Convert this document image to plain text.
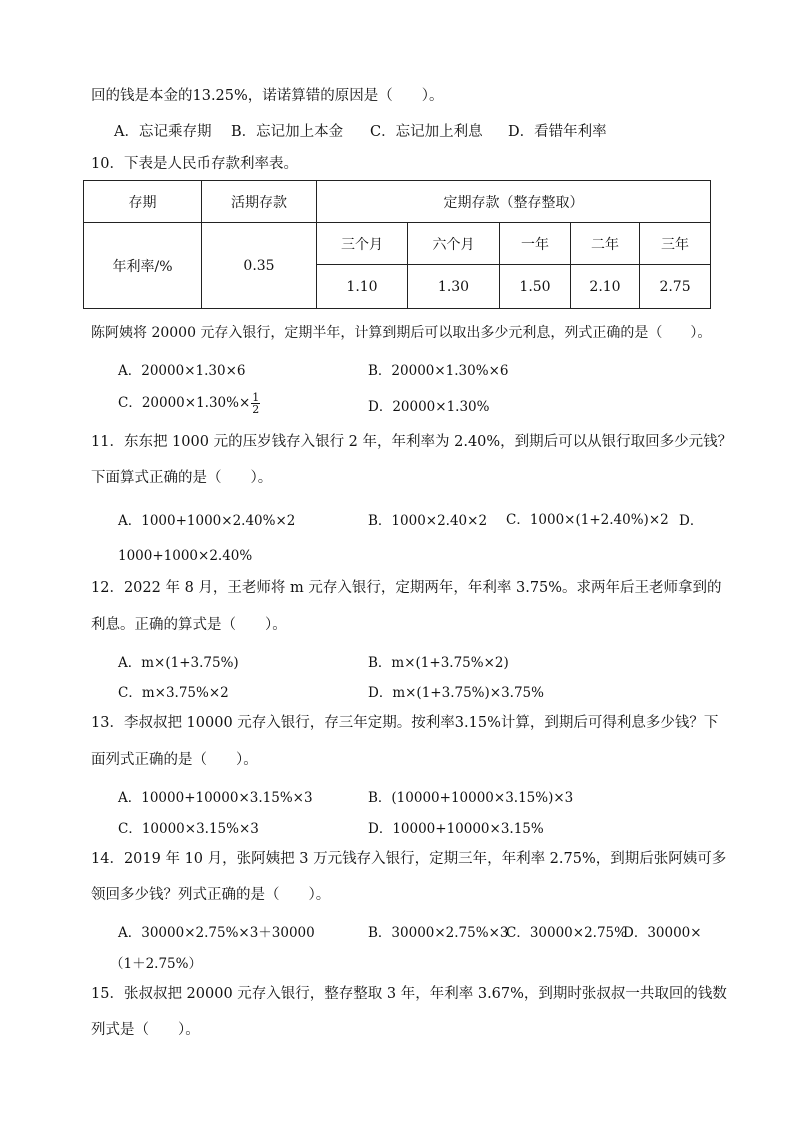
回的钱是本金的13.25%，诺诺算错的原因是（　　）。
A．忘记乘存期 B．忘记加上本金 C．忘记加上利息 D．看错年利率
10．下表是人民币存款利率表。
存期	活期存款	定期存款（整存整取）				
年利率/%	0.35	三个月	六个月	一年	二年	三年
		1.10	1.30	1.50	2.10	2.75
陈阿姨将 20000 元存入银行，定期半年，计算到期后可以取出多少元利息，列式正确的是（　　）。
A．20000×1.30×6	B．20000×1.30%×6
C．$20000\times 1.30\%\times \frac{1}{2}$	D．20000×1.30%
11．东东把 1000 元的压岁钱存入银行 2 年，年利率为 2.40%，到期后可以从银行取回多少元钱？
下面算式正确的是（　　）。
A．1000+1000×2.40%×2	B．1000×2.40×2 C．1000×(1+2.40%)×2 D．
1000+1000×2.40%
12．2022 年 8 月，王老师将 m 元存入银行，定期两年，年利率 3.75%。求两年后王老师拿到的
利息。正确的算式是（　　）。
A．m×(1+3.75%)	B．m×(1+3.75%×2)
C．m×3.75%×2	D．m×(1+3.75%)×3.75%
13．李叔叔把 10000 元存入银行，存三年定期。按利率3.15%计算，到期后可得利息多少钱？下
面列式正确的是（　　）。
A．10000+10000×3.15%×3	B．(10000+10000×3.15%)×3
C．10000×3.15%×3	D．10000+10000×3.15%
14．2019 年 10 月，张阿姨把 3 万元钱存入银行，定期三年，年利率 2.75%，到期后张阿姨可多
领回多少钱？列式正确的是（　　）。
A．30000×2.75%×3＋30000	B．30000×2.75%×3
C．30000×2.75%
D．30000×
（1＋2.75%）
15．张叔叔把 20000 元存入银行，整存整取 3 年，年利率 3.67%，到期时张叔叔一共取回的钱数
列式是（　　）。
